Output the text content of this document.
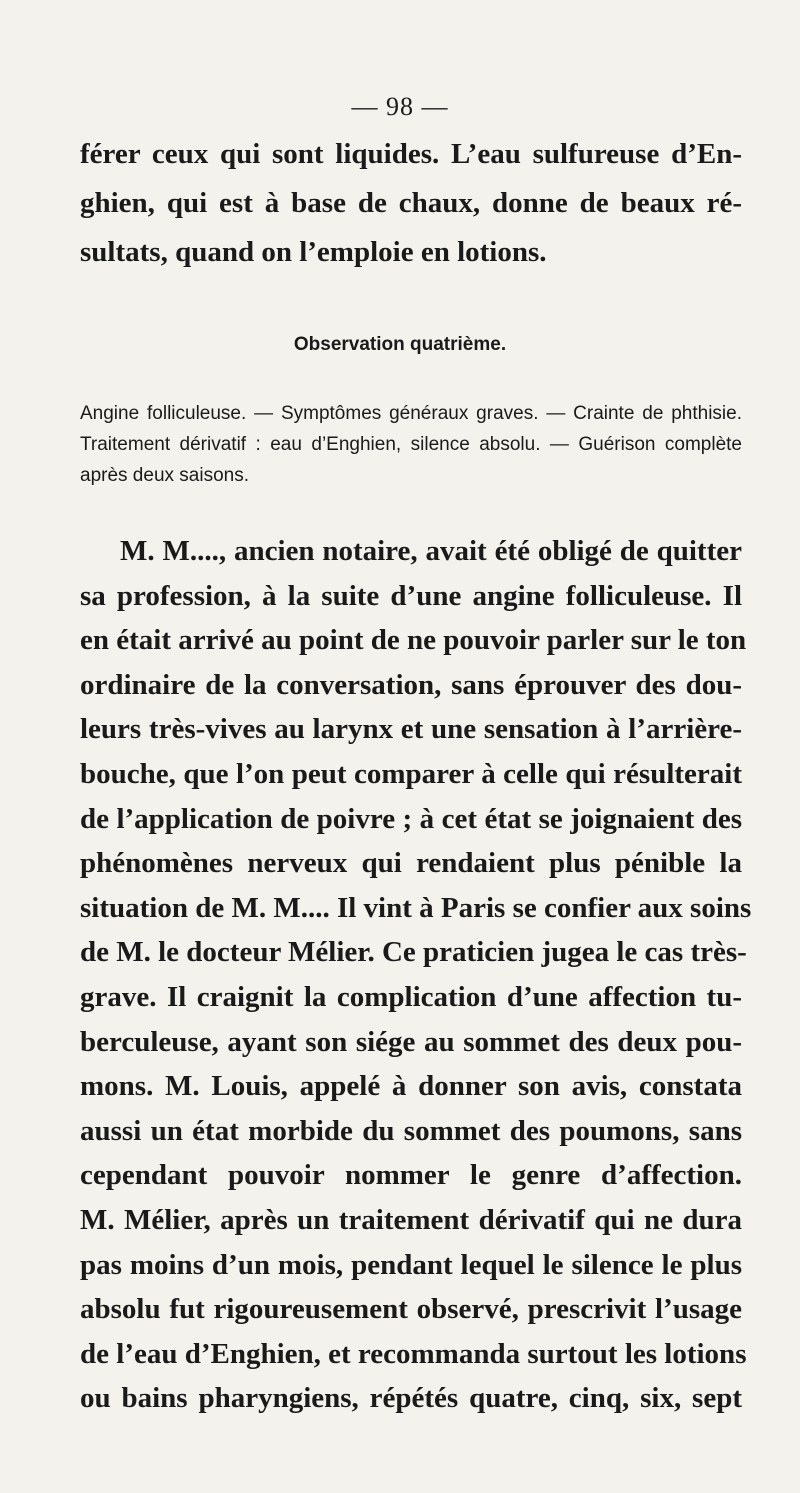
— 98 —
férer ceux qui sont liquides. L’eau sulfureuse d’En-
ghien, qui est à base de chaux, donne de beaux ré-
sultats, quand on l’emploie en lotions.
Observation quatrième.
Angine folliculeuse. — Symptômes généraux graves. — Crainte de phthisie.
Traitement dérivatif : eau d’Enghien, silence absolu. — Guérison complète
après deux saisons.
M. M...., ancien notaire, avait été obligé de quitter
sa profession, à la suite d’une angine folliculeuse. Il
en était arrivé au point de ne pouvoir parler sur le ton
ordinaire de la conversation, sans éprouver des dou-
leurs très-vives au larynx et une sensation à l’arrière-
bouche, que l’on peut comparer à celle qui résulterait
de l’application de poivre ; à cet état se joignaient des
phénomènes nerveux qui rendaient plus pénible la
situation de M. M.... Il vint à Paris se confier aux soins
de M. le docteur Mélier. Ce praticien jugea le cas très-
grave. Il craignit la complication d’une affection tu-
berculeuse, ayant son siége au sommet des deux pou-
mons. M. Louis, appelé à donner son avis, constata
aussi un état morbide du sommet des poumons, sans
cependant pouvoir nommer le genre d’affection.
M. Mélier, après un traitement dérivatif qui ne dura
pas moins d’un mois, pendant lequel le silence le plus
absolu fut rigoureusement observé, prescrivit l’usage
de l’eau d’Enghien, et recommanda surtout les lotions
ou bains pharyngiens, répétés quatre, cinq, six, sept
